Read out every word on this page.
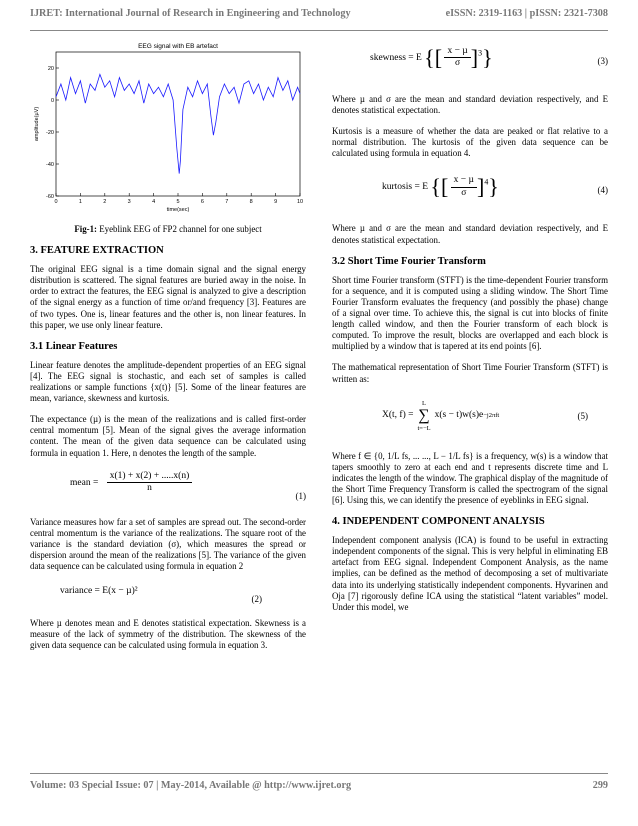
IJRET: International Journal of Research in Engineering and Technology	eISSN: 2319-1163 | pISSN: 2321-7308
0	1	2	3	4	5	6	7	8	9	10
20
0
-20
-40
-60
EEG signal with EB artefact
time(sec)
amplitude(µV)
Fig-1: Eyeblink EEG of FP2 channel for one subject
3. FEATURE EXTRACTION

The original EEG signal is a time domain signal and the signal energy distribution is scattered. The signal features are buried away in the noise. In order to extract the features, the EEG signal is analyzed to give a description of the signal energy as a function of time or/and frequency [3]. Features are of two types. One is, linear features and the other is, non linear features. In this paper, we use only linear feature.

3.1 Linear Features

Linear feature denotes the amplitude-dependent properties of an EEG signal [4]. The EEG signal is stochastic, and each set of samples is called realizations or sample functions {x(t)} [5]. Some of the linear features are mean, variance, skewness and kurtosis.

The expectance (µ) is the mean of the realizations and is called first-order central momentum [5]. Mean of the signal gives the average information content. The mean of the given data sequence can be calculated using formula in equation 1. Here, n denotes the length of the sample.

mean = $\frac{x(1) + x(2) + .....x(n)}{n}$
(1)

Variance measures how far a set of samples are spread out. The second-order central momentum is the variance of the realizations. The square root of the variance is the standard deviation (σ), which measures the spread or dispersion around the mean of the realizations [5]. The variance of the given data sequence can be calculated using formula in equation 2

variance = E(x − µ)²
(2)

Where µ denotes mean and E denotes statistical expectation. Skewness is a measure of the lack of symmetry of the distribution. The skewness of the given data sequence can be calculated using formula in equation 3.

skewness = E {[ $\frac{\text{x − µ}}{\sigma} ]^3$}	(3)

Where µ and σ are the mean and standard deviation respectively, and E denotes statistical expectation.

Kurtosis is a measure of whether the data are peaked or flat relative to a normal distribution. The kurtosis of the given data sequence can be calculated using formula in equation 4.

kurtosis = E {[ $\frac{\text{x − µ}}{\sigma} ]^4$}	(4)

Where µ and σ are the mean and standard deviation respectively, and E denotes statistical expectation.

3.2 Short Time Fourier Transform

Short time Fourier transform (STFT) is the time-dependent Fourier transform for a sequence, and it is computed using a sliding window. The Short Time Fourier Transform evaluates the frequency (and possibly the phase) change of a signal over time. To achieve this, the signal is cut into blocks of finite length called window, and then the Fourier transform of each block is computed. To improve the result, blocks are overlapped and each block is multiplied by a window that is tapered at its end points [6].

The mathematical representation of Short Time Fourier Transform (STFT) is written as:

X(t, f) =
L
∑
t=−L
x(s − t)w(s)e −j2πft	(5)

Where f ∈ {0, 1/L fs, ... ..., L − 1/L fs} is a frequency, w(s) is a window that tapers smoothly to zero at each end and t represents discrete time and L indicates the length of the window. The graphical display of the magnitude of the Short Time Frequency Transform is called the spectrogram of the signal [6]. Using this, we can identify the presence of eyeblinks in EEG signal.

4. INDEPENDENT COMPONENT ANALYSIS

Independent component analysis (ICA) is found to be useful in extracting independent components of the signal. This is very helpful in eliminating EB artefact from EEG signal. Independent Component Analysis, as the name implies, can be defined as the method of decomposing a set of multivariate data into its underlying statistically independent components. Hyvarinen and Oja [7] rigorously define ICA using the statistical “latent variables” model. Under this model, we

Volume: 03 Special Issue: 07 | May-2014, Available @ http://www.ijret.org	299
